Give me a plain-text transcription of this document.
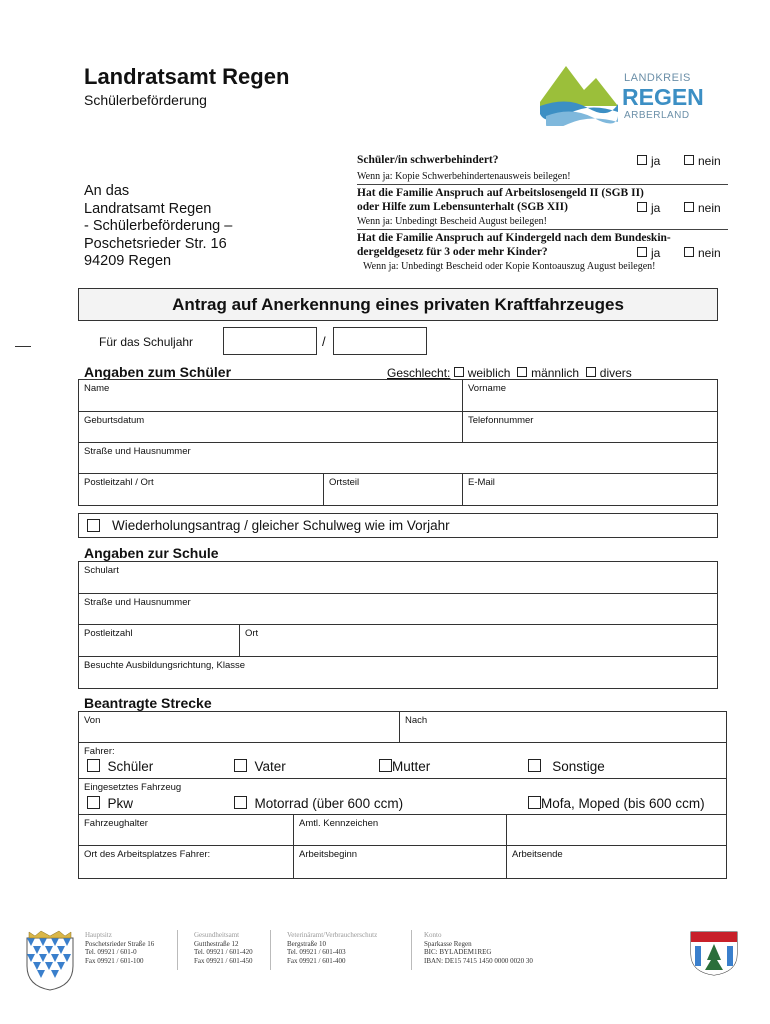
Landratsamt Regen
Schülerbeförderung
LANDKREIS
REGEN
ARBERLAND
An das
Landratsamt Regen
- Schülerbeförderung –
Poschetsrieder Str. 16
94209 Regen
Schüler/in schwerbehindert?	ja	nein
Wenn ja: Kopie Schwerbehindertenausweis beilegen!
Hat die Familie Anspruch auf Arbeitslosengeld II (SGB II)
oder Hilfe zum Lebensunterhalt (SGB XII)	ja	nein
Wenn ja: Unbedingt Bescheid August beilegen!
Hat die Familie Anspruch auf Kindergeld nach dem Bundeskin-
dergeldgesetz für 3 oder mehr Kinder?	ja	nein
Wenn ja: Unbedingt Bescheid oder Kopie Kontoauszug August beilegen!
Antrag auf Anerkennung eines privaten Kraftfahrzeuges
Für das Schuljahr	/
Angaben zum Schüler	Geschlecht: weiblich männlich divers
Name	Vorname
Geburtsdatum	Telefonnummer
Straße und Hausnummer
Postleitzahl / Ort	Ortsteil	E-Mail
Wiederholungsantrag / gleicher Schulweg wie im Vorjahr
Angaben zur Schule
Schulart
Straße und Hausnummer
Postleitzahl	Ort
Besuchte Ausbildungsrichtung, Klasse
Beantragte Strecke
Von	Nach
Fahrer:
Schüler	Vater	Mutter	Sonstige
Eingesetztes Fahrzeug
Pkw	Motorrad (über 600 ccm)	Mofa, Moped (bis 600 ccm)
Fahrzeughalter	Amtl. Kennzeichen
Ort des Arbeitsplatzes Fahrer:	Arbeitsbeginn	Arbeitsende
Hauptsitz
Poschetsrieder Straße 16
Tel. 09921 / 601-0
Fax 09921 / 601-100
Gesundheitsamt
Gutthestraße 12
Tel. 09921 / 601-420
Fax 09921 / 601-450
Veterinäramt/Verbraucherschutz
Bergstraße 10
Tel. 09921 / 601-403
Fax 09921 / 601-400
Konto
Sparkasse Regen
BIC: BYLADEM1REG
IBAN: DE15 7415 1450 0000 0020 30
